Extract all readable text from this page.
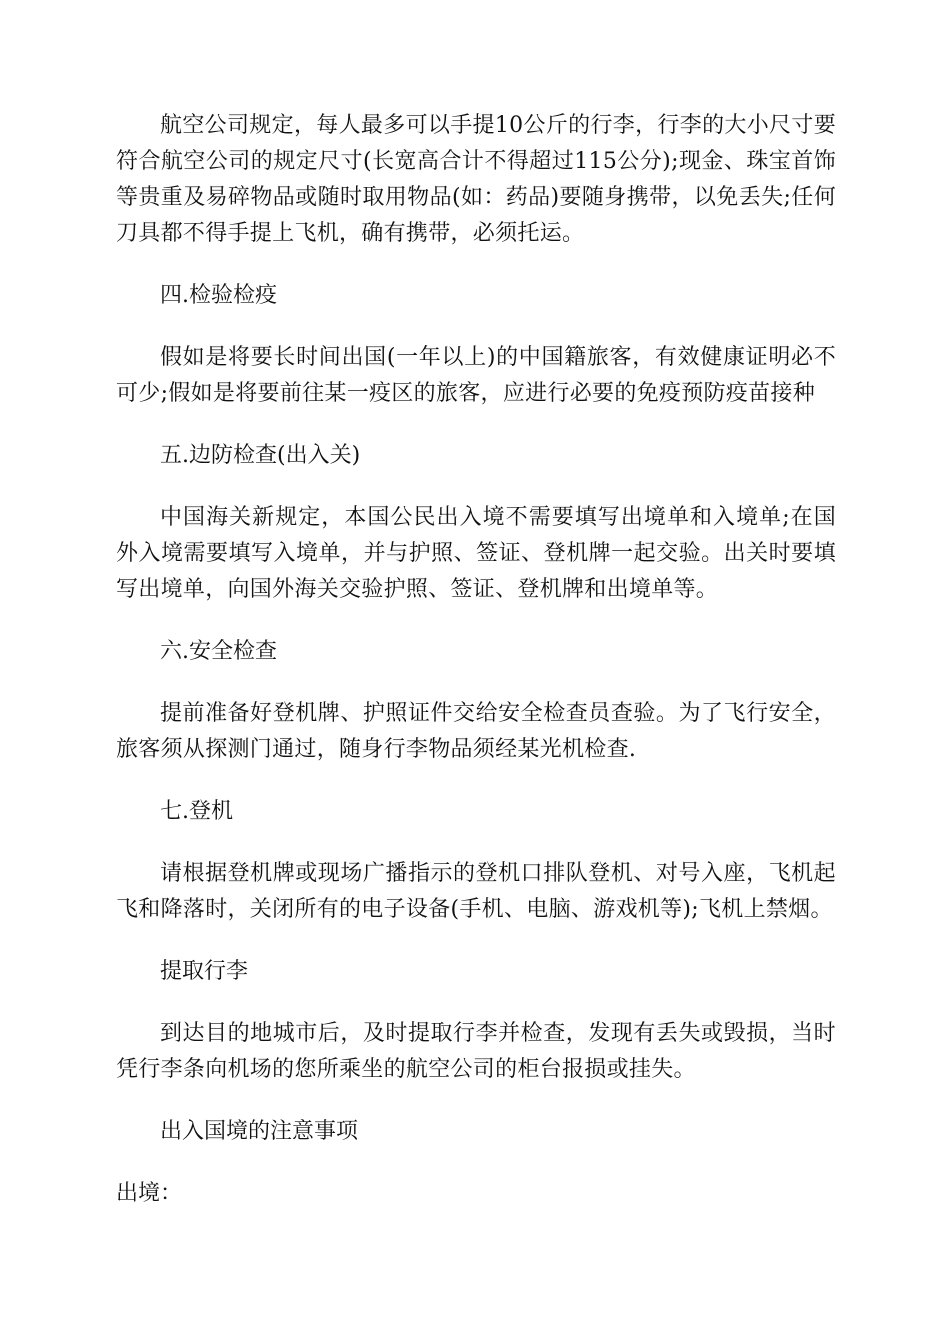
航空公司规定，每人最多可以手提10公斤的行李，行李的大小尺寸要符合航空公司的规定尺寸(长宽高合计不得超过115公分);现金、珠宝首饰等贵重及易碎物品或随时取用物品(如：药品)要随身携带，以免丢失;任何刀具都不得手提上飞机，确有携带，必须托运。

四.检验检疫

假如是将要长时间出国(一年以上)的中国籍旅客，有效健康证明必不可少;假如是将要前往某一疫区的旅客，应进行必要的免疫预防疫苗接种

五.边防检查(出入关)

中国海关新规定，本国公民出入境不需要填写出境单和入境单;在国外入境需要填写入境单，并与护照、签证、登机牌一起交验。出关时要填写出境单，向国外海关交验护照、签证、登机牌和出境单等。

六.安全检查

提前准备好登机牌、护照证件交给安全检查员查验。为了飞行安全，旅客须从探测门通过，随身行李物品须经某光机检查.

七.登机

请根据登机牌或现场广播指示的登机口排队登机、对号入座，飞机起飞和降落时，关闭所有的电子设备(手机、电脑、游戏机等);飞机上禁烟。

提取行李

到达目的地城市后，及时提取行李并检查，发现有丢失或毁损，当时凭行李条向机场的您所乘坐的航空公司的柜台报损或挂失。

出入国境的注意事项

出境：
